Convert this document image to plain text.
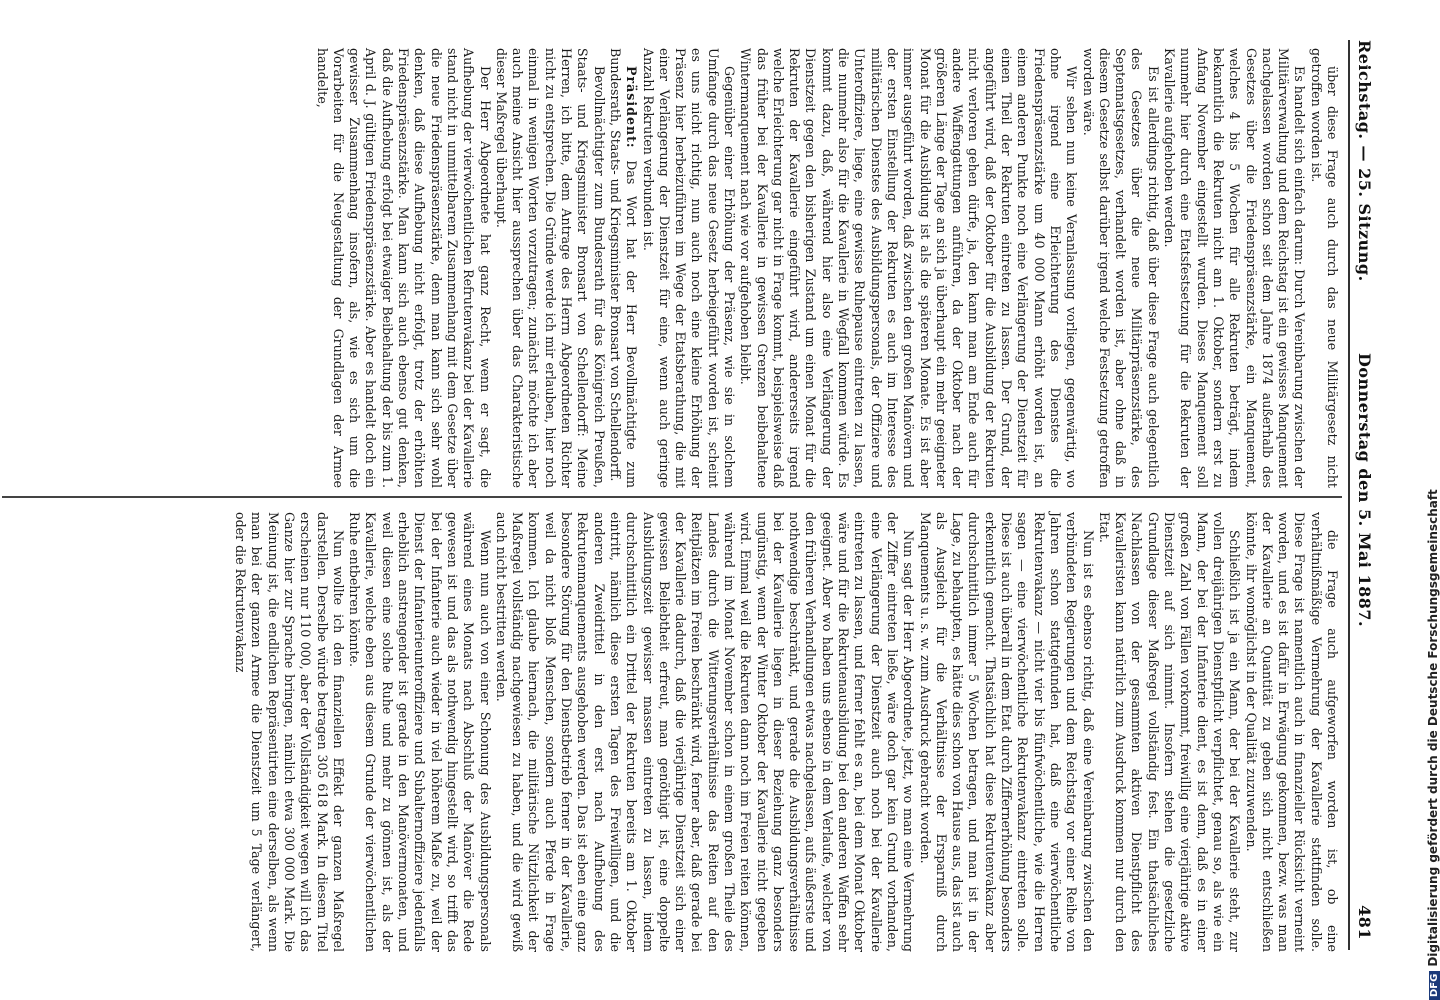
Reichstag. — 25. Sitzung.
Donnerstag den 5. Mai 1887.
481

über diese Frage auch durch das neue Militärgesetz nicht getroffen worden ist.

Es handelt sich einfach darum: Durch Vereinbarung zwischen der Militärverwaltung und dem Reichstag ist ein gewisses Manquement nachgelassen worden schon seit dem Jahre 1874 außerhalb des Gesetzes über die Friedenspräsenzstärke, ein Manquement, welches 4 bis 5 Wochen für alle Rekruten beträgt, indem bekanntlich die Rekruten nicht am 1. Oktober, sondern erst zu Anfang November eingestellt wurden. Dieses Manquement soll nunmehr hier durch eine Etatsfestsetzung für die Rekruten der Kavallerie aufgehoben werden.

Es ist allerdings richtig, daß über diese Frage auch gelegentlich des Gesetzes über die neue Militärpräsenzstärke, des Septennatsgesetzes, verhandelt worden ist, aber ohne daß in diesem Gesetze selbst darüber irgend welche Festsetzung getroffen worden wäre.

Wir sehen nun keine Veranlassung vorliegen, gegenwärtig, wo ohne irgend eine Erleichterung des Dienstes die Friedenspräsenzstärke um 40 000 Mann erhöht worden ist, an einem anderen Punkte noch eine Verlängerung der Dienstzeit für einen Theil der Rekruten eintreten zu lassen. Der Grund, der angeführt wird, daß der Oktober für die Ausbildung der Rekruten nicht verloren gehen dürfe, ja, den kann man am Ende auch für andere Waffengattungen anführen, da der Oktober nach der größeren Länge der Tage an sich ja überhaupt ein mehr geeigneter Monat für die Ausbildung ist als die späteren Monate. Es ist aber immer ausgeführt worden, daß zwischen den großen Manövern und der ersten Einstellung der Rekruten es auch im Interesse des militärischen Dienstes des Ausbildungspersonals, der Offiziere und Unteroffiziere, liege, eine gewisse Ruhepause eintreten zu lassen, die nunmehr also für die Kavallerie in Wegfall kommen würde. Es kommt dazu, daß, während hier also eine Verlängerung der Dienstzeit gegen den bisherigen Zustand um einen Monat für die Rekruten der Kavallerie eingeführt wird, andererseits irgend welche Erleichterung gar nicht in Frage kommt, beispielsweise daß das früher bei der Kavallerie in gewissen Grenzen beibehaltene Wintermanquement nach wie vor aufgehoben bleibt.

Gegenüber einer Erhöhung der Präsenz, wie sie in solchem Umfange durch das neue Gesetz herbeigeführt worden ist, scheint es uns nicht richtig, nun auch noch eine kleine Erhöhung der Präsenz hier herbeizuführen im Wege der Etatsberathung, die mit einer Verlängerung der Dienstzeit für eine, wenn auch geringe Anzahl Rekruten verbunden ist.

Präsident: Das Wort hat der Herr Bevollmächtigte zum Bundesrath, Staats- und Kriegsminister Bronsart von Schellendorff.

Bevollmächtigter zum Bundesrath für das Königreich Preußen, Staats- und Kriegsminister Bronsart von Schellendorff: Meine Herren, ich bitte, dem Antrage des Herrn Abgeordneten Richter nicht zu entsprechen. Die Gründe werde ich mir erlauben, hier noch einmal in wenigen Worten vorzutragen; zunächst möchte ich aber auch meine Ansicht hier aussprechen über das Charakteristische dieser Maßregel überhaupt.

Der Herr Abgeordnete hat ganz Recht, wenn er sagt, die Aufhebung der vierwöchentlichen Refrutenvakanz bei der Kavallerie stand nicht in unmittelbarem Zusammenhang mit dem Gesetze über die neue Friedenspräsenzstärke, denn man kann sich sehr wohl denken, daß diese Aufhebung nicht erfolgt, trotz der erhöhten Friedenspräsenzstärke. Man kann sich auch ebenso gut denken, daß die Aufhebung erfolgt bei etwaiger Beibehaltung der bis zum 1. April d. J. gültigen Friedenspräsenzstärke. Aber es handelt doch ein gewisser Zusammenhang insofern, als, wie es sich um die Vorarbeiten für die Neugestaltung der Grundlagen der Armee handelte,

die Frage auch aufgeworfen worden ist, ob eine verhältnißmäßige Vermehrung der Kavallerie stattfinden solle. Diese Frage ist namentlich auch in finanzieller Rücksicht verneint worden, und es ist dafür in Erwägung gekommen, bezw. was man der Kavallerie an Quantität zu geben sich nicht entschließen könnte, ihr womöglichst in der Qualität zuzuwenden.

Schließlich ist ja ein Mann, der bei der Kavallerie steht, zur vollen dreijährigen Dienstpflicht verpflichtet, genau so, als wie ein Mann, der bei der Infanterie dient, es ist denn, daß es in einer großen Zahl von Fällen vorkommt, freiwillig eine vierjährige aktive Dienstzeit auf sich nimmt. Insofern stehen die gesetzliche Grundlage dieser Maßregel vollständig fest. Ein thatsächliches Nachlassen von der gesammten aktiven Dienstpflicht des Kavalleristen kann natürlich zum Ausdruck kommen nur durch den Etat.

Nun ist es ebenso richtig, daß eine Vereinbarung zwischen den verbündeten Regierungen und dem Reichstag vor einer Reihe von Jahren schon stattgefunden hat, daß eine vierwöchentliche Rekrutenvakanz — nicht vier bis fünfwöchentliche, wie die Herren sagen — eine vierwöchentliche Rekrutenvakanz eintreten solle. Diese ist auch überall in dem Etat durch Ziffernerhöhung besonders erkenntlich gemacht. Thatsächlich hat diese Rekrutenvakanz aber durchschnittlich immer 5 Wochen betragen, und man ist in der Lage, zu behaupten, es hätte dies schon von Hause aus, das ist auch als Ausgleich für die Verhältnisse der Ersparniß durch Manquements u. s. w. zum Ausdruck gebracht worden.

Nun sagt der Herr Abgeordnete, jetzt, wo man eine Vermehrung der Ziffer eintreten ließe, wäre doch gar kein Grund vorhanden, eine Verlängerung der Dienstzeit auch noch bei der Kavallerie eintreten zu lassen, und ferner fehlt es an, bei dem Monat Oktober wäre und für die Rekrutenausbildung bei den anderen Waffen sehr geeignet. Aber wo haben uns ebenso in dem Verlaufe, welcher von den früheren Verhandlungen etwas nachgelassen, aufs äußerste und nothwendige beschränkt, und gerade die Ausbildungsverhältnisse bei der Kavallerie liegen in dieser Beziehung ganz besonders ungünstig, wenn der Winter Oktober der Kavallerie nicht gegeben wird. Einmal weil die Rekruten dann noch im Freien reiten können, während im Monat November schon in einem großen Theile des Landes durch die Witterungsverhältnisse das Reiten auf den Reitplätzen im Freien beschränkt wird, ferner aber, daß gerade bei der Kavallerie dadurch, daß die vierjährige Dienstzeit sich einer gewissen Beliebtheit erfreut, man genöthigt ist, eine doppelte Ausbildungszeit gewisser massen eintreten zu lassen, indem durchschnittlich ein Drittel der Rekruten bereits am 1. Oktober eintritt, nämlich diese ersten Tagen des Freiwilligen, und die anderen Zweidrittel in den erst nach Aufhebung des Rekrutenmanquements ausgehoben werden. Das ist eben eine ganz besondere Störung für den Dienstbetrieb ferner in der Kavallerie, weil da nicht bloß Menschen, sondern auch Pferde in Frage kommen. Ich glaube hiernach, die militärische Nützlichkeit der Maßregel vollständig nachgewiesen zu haben, und die wird gewiß auch nicht bestritten werden.

Wenn nun auch von einer Schonung des Ausbildungspersonals während eines Monats nach Abschluß der Manöver die Rede gewesen ist und das als nothwendig hingestellt wird, so trifft das bei der Infanterie auch wieder in viel höherem Maße zu, weil der Dienst der Infanterieunteroffiziere und Subalternoffiziere jedenfalls erheblich anstrengender ist gerade in den Manövermonaten, und weil diesen eine solche Ruhe und mehr zu gönnen ist, als der Kavallerie, welche eben aus diesem Grunde der vierwöchentlichen Ruhe entbehren könnte.

Nun wollte ich den finanziellen Effekt der ganzen Maßregel darstellen. Derselbe würde betragen 305 618 Mark. In diesem Titel erscheinen nur 110 000, aber der Vollständigkeit wegen will ich das Ganze hier zur Sprache bringen, nämlich etwa 300 000 Mark. Die Meinung ist, die endlichen Repräsentirten eine derselben, als wenn man bei der ganzen Armee die Dienstzeit um 5 Tage verlängert, oder die Rekrutenvakanz

DFGDigitalisierung gefördert durch die Deutsche Forschungsgemeinschaft
